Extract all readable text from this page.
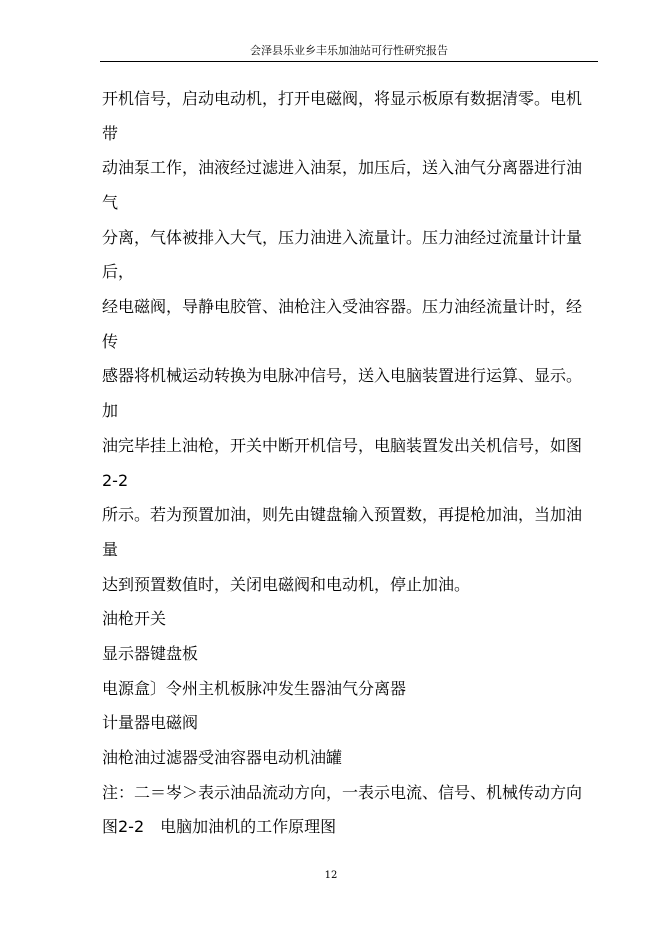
会泽县乐业乡丰乐加油站可行性研究报告
开机信号，启动电动机，打开电磁阀，将显示板原有数据清零。电机
带
动油泵工作，油液经过滤进入油泵，加压后，送入油气分离器进行油
气
分离，气体被排入大气，压力油进入流量计。压力油经过流量计计量
后，
经电磁阀，导静电胶管、油枪注入受油容器。压力油经流量计时，经
传
感器将机械运动转换为电脉冲信号，送入电脑装置进行运算、显示。
加
油完毕挂上油枪，开关中断开机信号，电脑装置发出关机信号，如图
2-2
所示。若为预置加油，则先由键盘输入预置数，再提枪加油，当加油
量
达到预置数值时，关闭电磁阀和电动机，停止加油。
油枪开关
显示器键盘板
电源盒〕令州主机板脉冲发生器油气分离器
计量器电磁阀
油枪油过滤器受油容器电动机油罐
注：二＝岑＞表示油品流动方向，一表示电流、信号、机械传动方向
图2-2　电脑加油机的工作原理图
12
